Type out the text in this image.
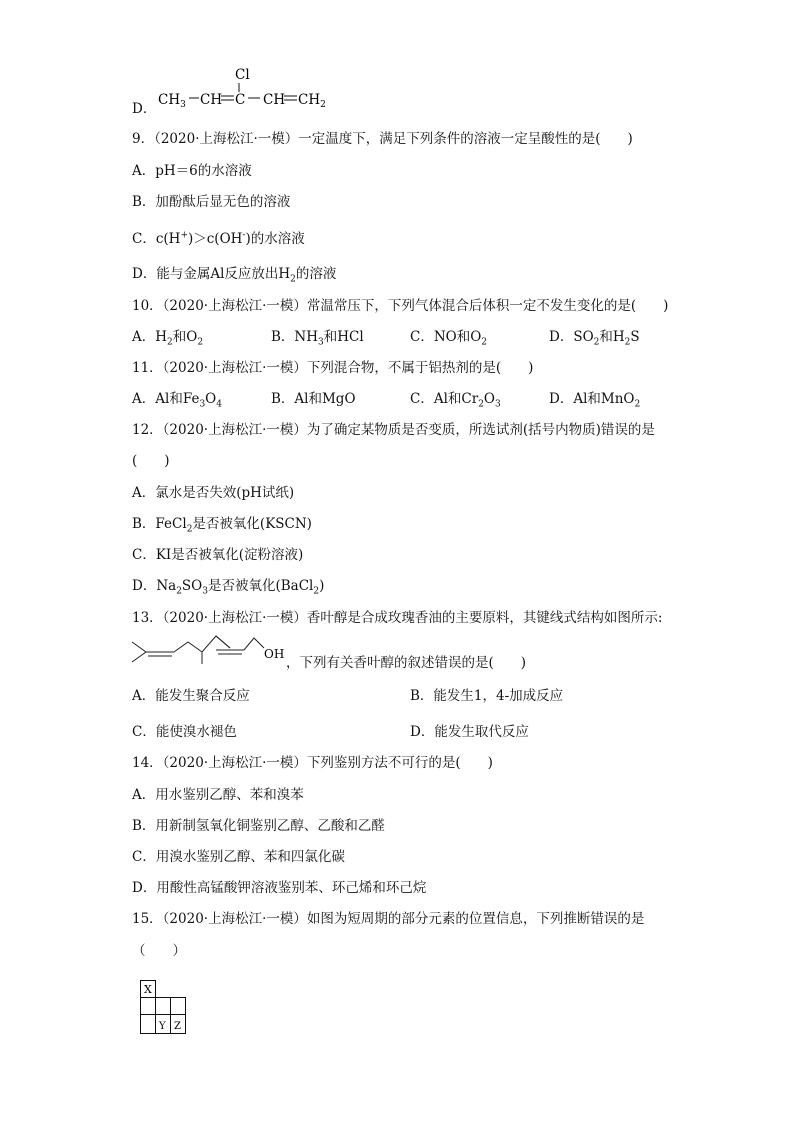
D．
Cl
$CH_3$ CH C CH $CH_2$
9．（2020·上海松江·一模）一定温度下，满足下列条件的溶液一定呈酸性的是(　　)
A．pH＝6的水溶液
B．加酚酞后显无色的溶液
C．c(H+)＞c(OH-)的水溶液
D．能与金属Al反应放出$H_2$的溶液
10．（2020·上海松江·一模）常温常压下，下列气体混合后体积一定不发生变化的是(　　)
A．$H_2$和$O_2$	B．$NH_3$和HCl	C．NO和$O_2$	D．$SO_2$和$H_2S$
11．（2020·上海松江·一模）下列混合物，不属于铝热剂的是(　　)
A．Al和$Fe_3O_4$	B．Al和MgO	C．Al和$Cr_2O_3$	D．Al和MnO$_2$
12．（2020·上海松江·一模）为了确定某物质是否变质，所选试剂(括号内物质)错误的是
(　　)
A．氯水是否失效(pH试纸)
B．FeCl$_2$是否被氧化(KSCN)
C．KI是否被氧化(淀粉溶液)
D．$Na_2SO_3$是否被氧化(BaCl$_2$)
13．（2020·上海松江·一模）香叶醇是合成玫瑰香油的主要原料，其键线式结构如图所示:
OH
，下列有关香叶醇的叙述错误的是(　　)
A．能发生聚合反应	B．能发生1，4-加成反应
C．能使溴水褪色	D．能发生取代反应
14．（2020·上海松江·一模）下列鉴别方法不可行的是(　　)
A．用水鉴别乙醇、苯和溴苯
B．用新制氢氧化铜鉴别乙醇、乙酸和乙醛
C．用溴水鉴别乙醇、苯和四氯化碳
D．用酸性高锰酸钾溶液鉴别苯、环己烯和环己烷
15．（2020·上海松江·一模）如图为短周期的部分元素的位置信息，下列推断错误的是
（　　）
X
Y Z
